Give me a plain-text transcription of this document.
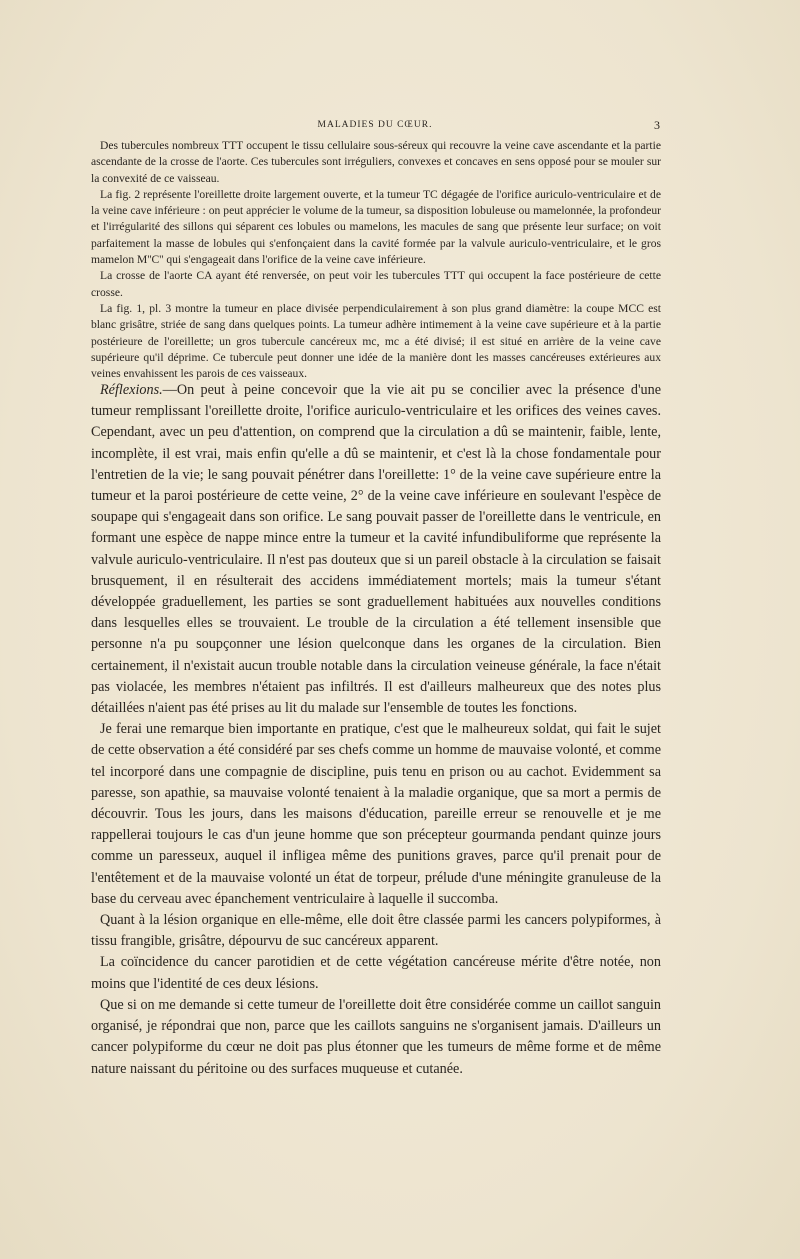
MALADIES DU CŒUR.	3

Des tubercules nombreux TTT occupent le tissu cellulaire sous-séreux qui recouvre la veine cave ascendante et la partie ascendante de la crosse de l'aorte. Ces tubercules sont irréguliers, convexes et concaves en sens opposé pour se mouler sur la convexité de ce vaisseau.

La fig. 2 représente l'oreillette droite largement ouverte, et la tumeur TC dégagée de l'orifice auriculo-ventriculaire et de la veine cave inférieure : on peut apprécier le volume de la tumeur, sa disposition lobuleuse ou mamelonnée, la profondeur et l'irrégularité des sillons qui séparent ces lobules ou mamelons, les macules de sang que présente leur surface; on voit parfaitement la masse de lobules qui s'enfonçaient dans la cavité formée par la valvule auriculo-ventriculaire, et le gros mamelon M''C'' qui s'engageait dans l'orifice de la veine cave inférieure.

La crosse de l'aorte CA ayant été renversée, on peut voir les tubercules TTT qui occupent la face postérieure de cette crosse.

La fig. 1, pl. 3 montre la tumeur en place divisée perpendiculairement à son plus grand diamètre: la coupe MCC est blanc grisâtre, striée de sang dans quelques points. La tumeur adhère intimement à la veine cave supérieure et à la partie postérieure de l'oreillette; un gros tubercule cancéreux mc, mc a été divisé; il est situé en arrière de la veine cave supérieure qu'il déprime. Ce tubercule peut donner une idée de la manière dont les masses cancéreuses extérieures aux veines envahissent les parois de ces vaisseaux.

Réflexions.—On peut à peine concevoir que la vie ait pu se concilier avec la présence d'une tumeur remplissant l'oreillette droite, l'orifice auriculo-ventriculaire et les orifices des veines caves. Cependant, avec un peu d'attention, on comprend que la circulation a dû se maintenir, faible, lente, incomplète, il est vrai, mais enfin qu'elle a dû se maintenir, et c'est là la chose fondamentale pour l'entretien de la vie; le sang pouvait pénétrer dans l'oreillette: 1° de la veine cave supérieure entre la tumeur et la paroi postérieure de cette veine, 2° de la veine cave inférieure en soulevant l'espèce de soupape qui s'engageait dans son orifice. Le sang pouvait passer de l'oreillette dans le ventricule, en formant une espèce de nappe mince entre la tumeur et la cavité infundibuliforme que représente la valvule auriculo-ventriculaire. Il n'est pas douteux que si un pareil obstacle à la circulation se faisait brusquement, il en résulterait des accidens immédiatement mortels; mais la tumeur s'étant développée graduellement, les parties se sont graduellement habituées aux nouvelles conditions dans lesquelles elles se trouvaient. Le trouble de la circulation a été tellement insensible que personne n'a pu soupçonner une lésion quelconque dans les organes de la circulation. Bien certainement, il n'existait aucun trouble notable dans la circulation veineuse générale, la face n'était pas violacée, les membres n'étaient pas infiltrés. Il est d'ailleurs malheureux que des notes plus détaillées n'aient pas été prises au lit du malade sur l'ensemble de toutes les fonctions.

Je ferai une remarque bien importante en pratique, c'est que le malheureux soldat, qui fait le sujet de cette observation a été considéré par ses chefs comme un homme de mauvaise volonté, et comme tel incorporé dans une compagnie de discipline, puis tenu en prison ou au cachot. Evidemment sa paresse, son apathie, sa mauvaise volonté tenaient à la maladie organique, que sa mort a permis de découvrir. Tous les jours, dans les maisons d'éducation, pareille erreur se renouvelle et je me rappellerai toujours le cas d'un jeune homme que son précepteur gourmanda pendant quinze jours comme un paresseux, auquel il infligea même des punitions graves, parce qu'il prenait pour de l'entêtement et de la mauvaise volonté un état de torpeur, prélude d'une méningite granuleuse de la base du cerveau avec épanchement ventriculaire à laquelle il succomba.

Quant à la lésion organique en elle-même, elle doit être classée parmi les cancers polypiformes, à tissu frangible, grisâtre, dépourvu de suc cancéreux apparent.

La coïncidence du cancer parotidien et de cette végétation cancéreuse mérite d'être notée, non moins que l'identité de ces deux lésions.

Que si on me demande si cette tumeur de l'oreillette doit être considérée comme un caillot sanguin organisé, je répondrai que non, parce que les caillots sanguins ne s'organisent jamais. D'ailleurs un cancer polypiforme du cœur ne doit pas plus étonner que les tumeurs de même forme et de même nature naissant du péritoine ou des surfaces muqueuse et cutanée.
